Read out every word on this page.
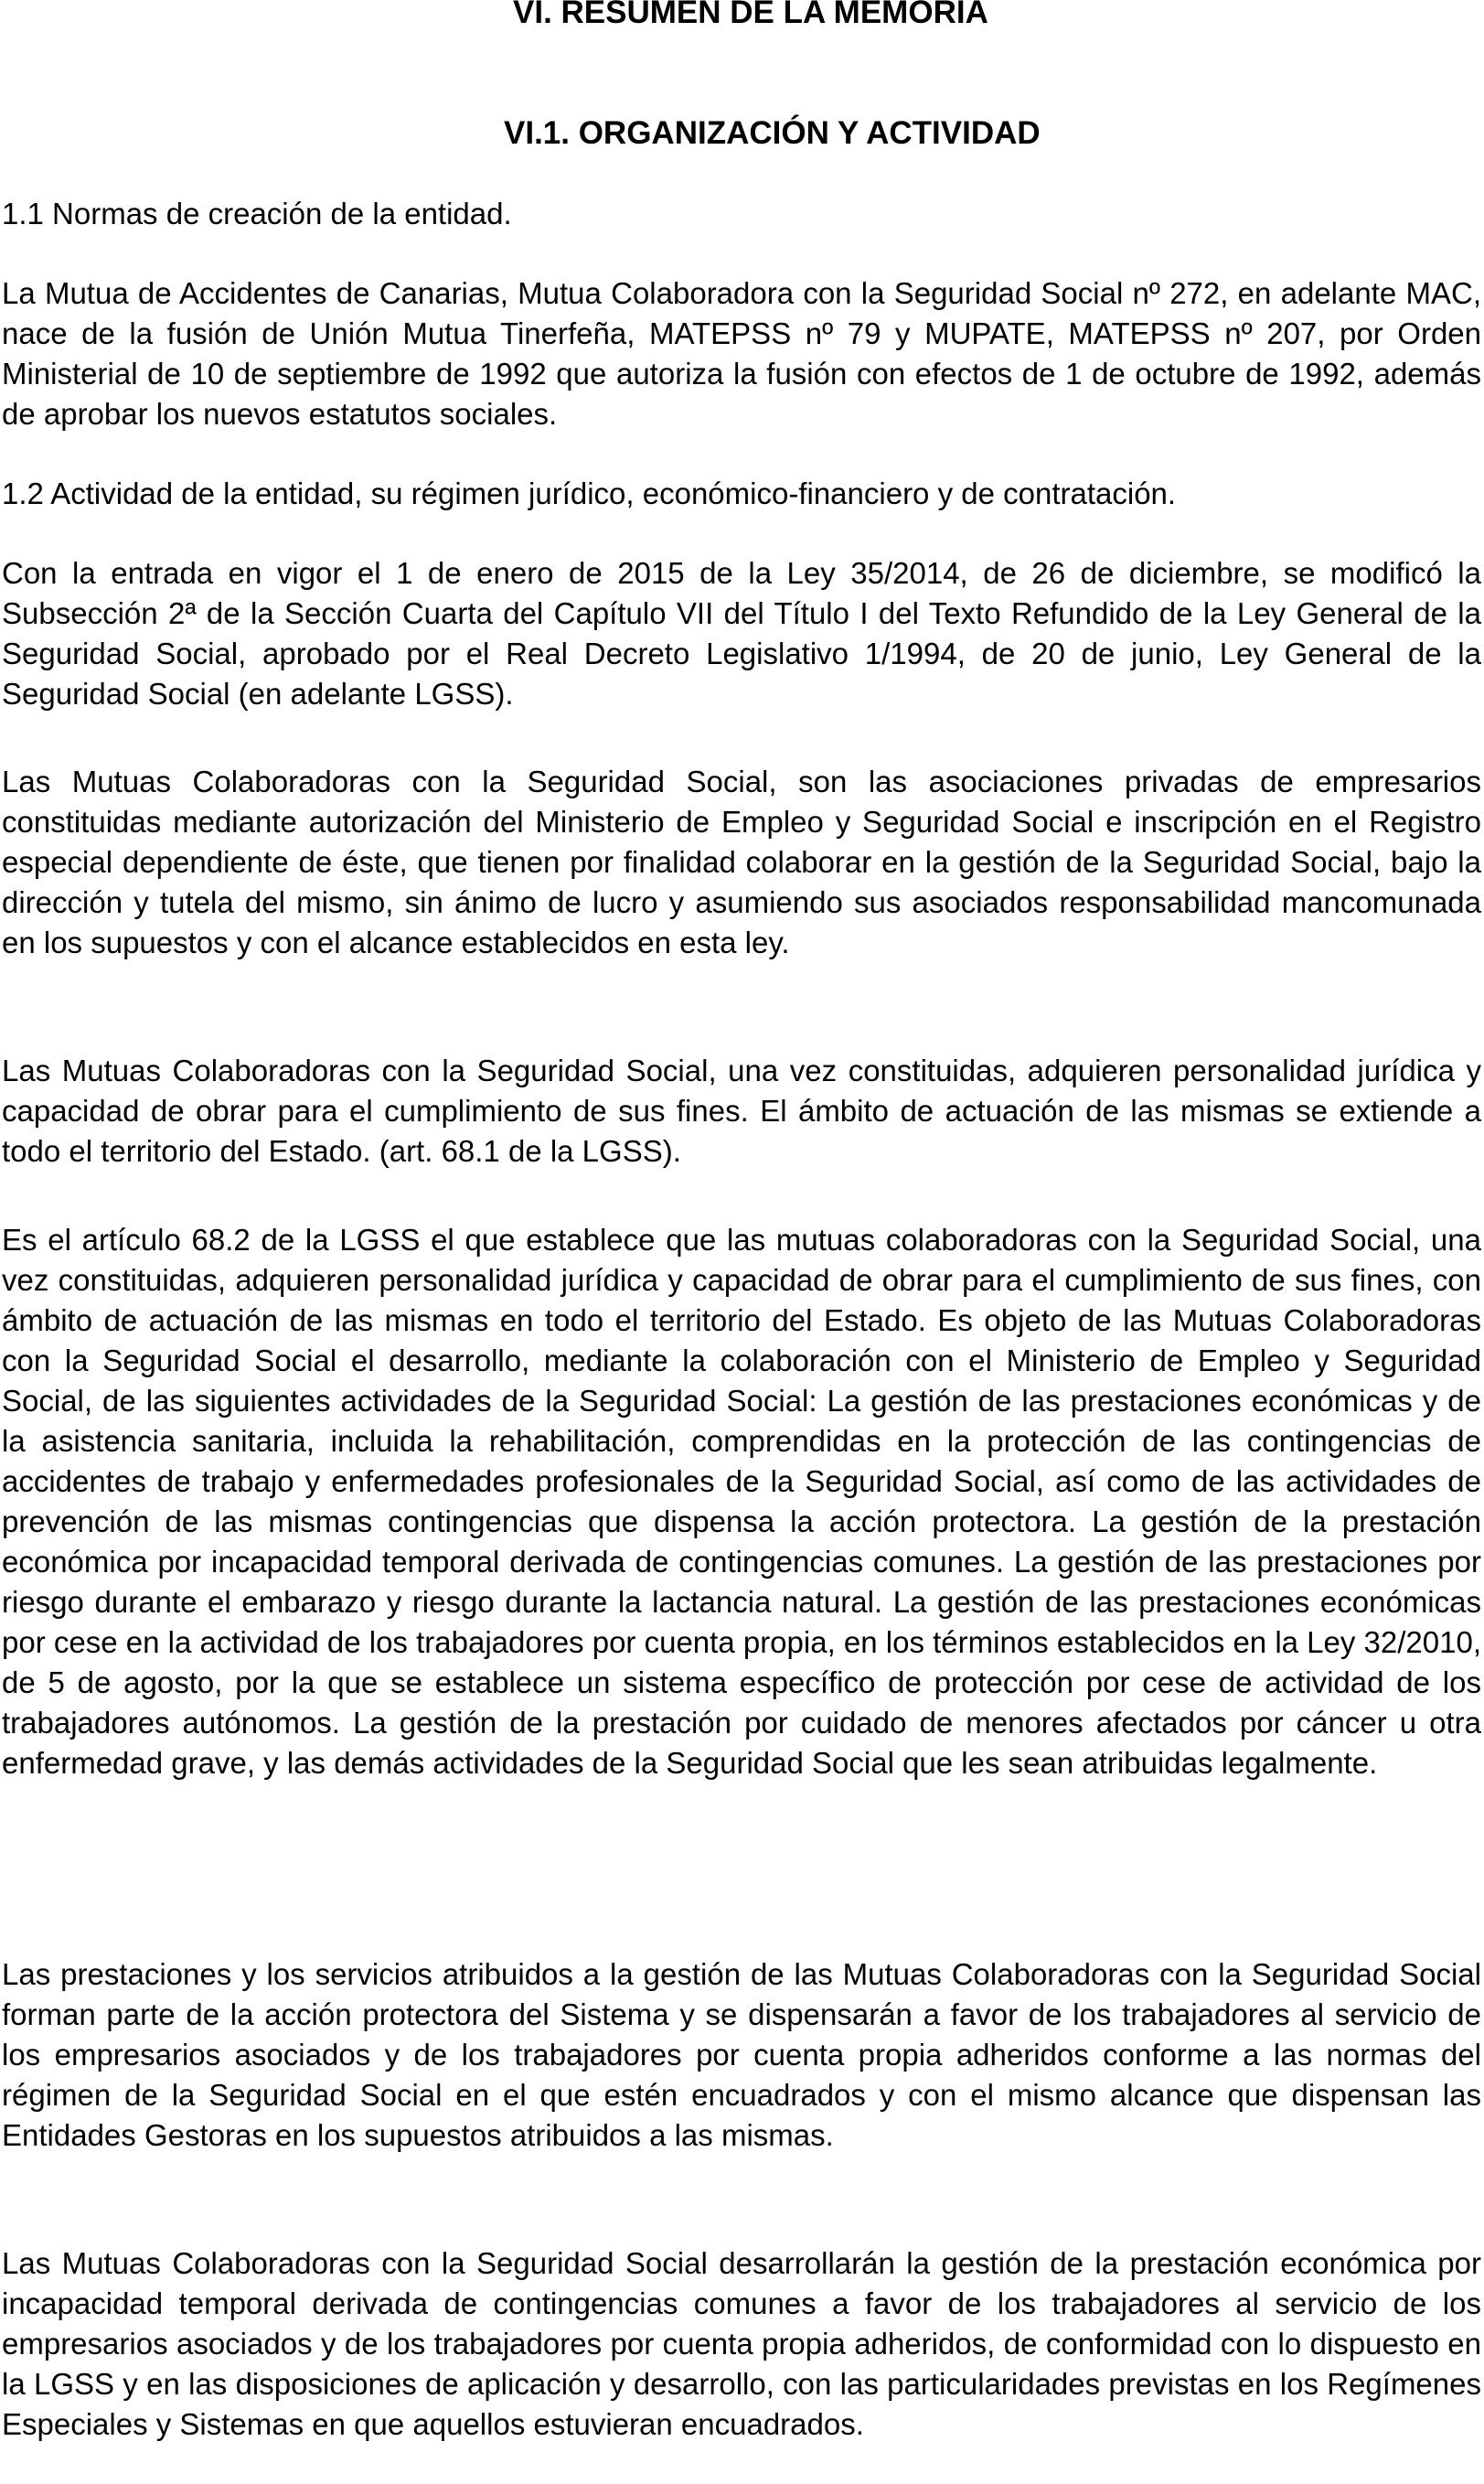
VI. RESUMEN DE LA MEMORIA
VI.1. ORGANIZACIÓN Y ACTIVIDAD
1.1 Normas de creación de la entidad.

La Mutua de Accidentes de Canarias, Mutua Colaboradora con la Seguridad Social nº 272, en adelante MAC, nace de la fusión de Unión Mutua Tinerfeña, MATEPSS nº 79 y MUPATE, MATEPSS nº 207, por Orden Ministerial de 10 de septiembre de 1992 que autoriza la fusión con efectos de 1 de octubre de 1992, además de aprobar los nuevos estatutos sociales.

1.2 Actividad de la entidad, su régimen jurídico, económico-financiero y de contratación.

Con la entrada en vigor el 1 de enero de 2015 de la Ley 35/2014, de 26 de diciembre, se modificó la Subsección 2ª de la Sección Cuarta del Capítulo VII del Título I del Texto Refundido de la Ley General de la Seguridad Social, aprobado por el Real Decreto Legislativo 1/1994, de 20 de junio, Ley General de la Seguridad Social (en adelante LGSS).

Las Mutuas Colaboradoras con la Seguridad Social, son las asociaciones privadas de empresarios constituidas mediante autorización del Ministerio de Empleo y Seguridad Social e inscripción en el Registro especial dependiente de éste, que tienen por finalidad colaborar en la gestión de la Seguridad Social, bajo la dirección y tutela del mismo, sin ánimo de lucro y asumiendo sus asociados responsabilidad mancomunada en los supuestos y con el alcance establecidos en esta ley.

Las Mutuas Colaboradoras con la Seguridad Social, una vez constituidas, adquieren personalidad jurídica y capacidad de obrar para el cumplimiento de sus fines. El ámbito de actuación de las mismas se extiende a todo el territorio del Estado. (art. 68.1 de la LGSS).

Es el artículo 68.2 de la LGSS el que establece que las mutuas colaboradoras con la Seguridad Social, una vez constituidas, adquieren personalidad jurídica y capacidad de obrar para el cumplimiento de sus fines, con ámbito de actuación de las mismas en todo el territorio del Estado. Es objeto de las Mutuas Colaboradoras con la Seguridad Social el desarrollo, mediante la colaboración con el Ministerio de Empleo y Seguridad Social, de las siguientes actividades de la Seguridad Social: La gestión de las prestaciones económicas y de la asistencia sanitaria, incluida la rehabilitación, comprendidas en la protección de las contingencias de accidentes de trabajo y enfermedades profesionales de la Seguridad Social, así como de las actividades de prevención de las mismas contingencias que dispensa la acción protectora. La gestión de la prestación económica por incapacidad temporal derivada de contingencias comunes. La gestión de las prestaciones por riesgo durante el embarazo y riesgo durante la lactancia natural. La gestión de las prestaciones económicas por cese en la actividad de los trabajadores por cuenta propia, en los términos establecidos en la Ley 32/2010, de 5 de agosto, por la que se establece un sistema específico de protección por cese de actividad de los trabajadores autónomos. La gestión de la prestación por cuidado de menores afectados por cáncer u otra enfermedad grave, y las demás actividades de la Seguridad Social que les sean atribuidas legalmente.

Las prestaciones y los servicios atribuidos a la gestión de las Mutuas Colaboradoras con la Seguridad Social forman parte de la acción protectora del Sistema y se dispensarán a favor de los trabajadores al servicio de los empresarios asociados y de los trabajadores por cuenta propia adheridos conforme a las normas del régimen de la Seguridad Social en el que estén encuadrados y con el mismo alcance que dispensan las Entidades Gestoras en los supuestos atribuidos a las mismas.

Las Mutuas Colaboradoras con la Seguridad Social desarrollarán la gestión de la prestación económica por incapacidad temporal derivada de contingencias comunes a favor de los trabajadores al servicio de los empresarios asociados y de los trabajadores por cuenta propia adheridos, de conformidad con lo dispuesto en la LGSS y en las disposiciones de aplicación y desarrollo, con las particularidades previstas en los Regímenes Especiales y Sistemas en que aquellos estuvieran encuadrados.
